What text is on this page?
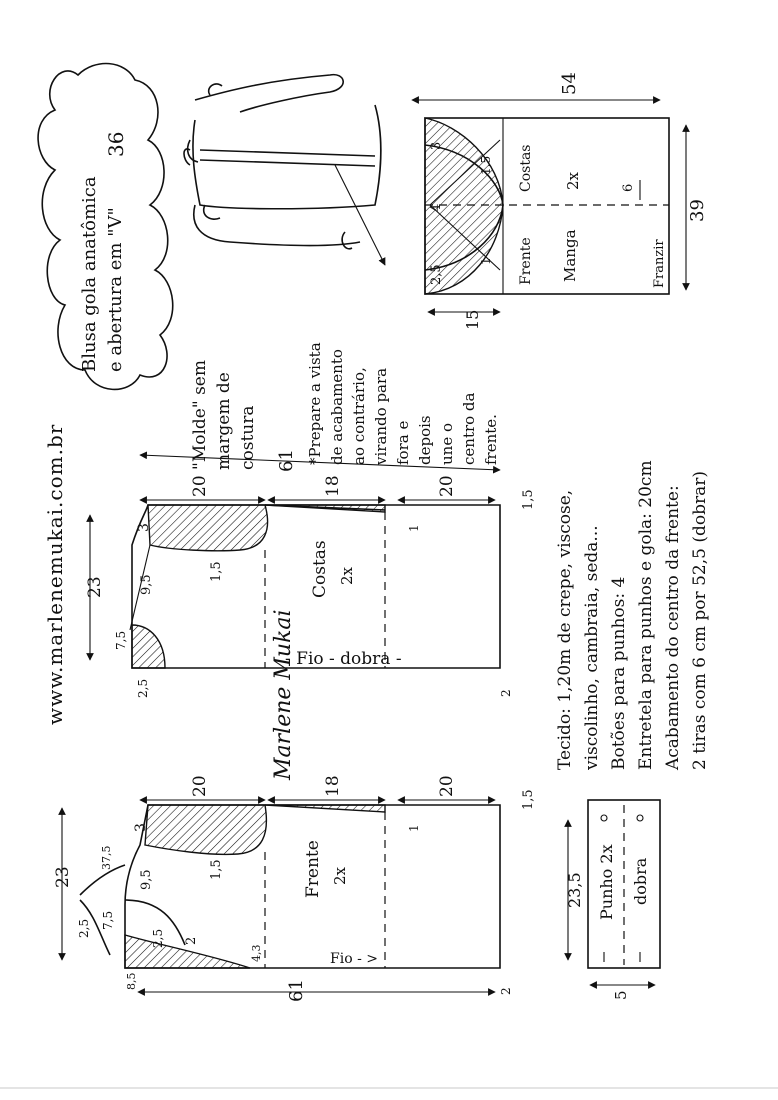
Blusa gola anatômica e abertura em "V"
36
"Molde" sem margem de costura	*Prepare a vista de acabamento ao contrário, virando para fora e depois une o centro da frente.
Tecido: 1,20m de crepe, viscose, viscolinho, cambraia, seda... Botões para punhos: 4 Entretela para punhos e gola: 20cm Acabamento do centro da frente: 2 tiras com 6 cm por 52,5 (dobrar)
www.marlenemukai.com.br	Marlene Mukai
54
39
3
4
2,5
1,5
1
15
Costas
Frente
2x
Manga	Franzir
6
61
20	18	20
23
3
9,5
7,5
1,5
2,5	2
1
1,5
Costas 2x
- Fio - dobra -
61
20	18	20
23
37,5
2,5 7,5
2,5 2
3
9,5	1,5
4,3
8,5
2
1
1,5
Frente 2x
Fio - >
23,5
5
Punho 2x dobra
